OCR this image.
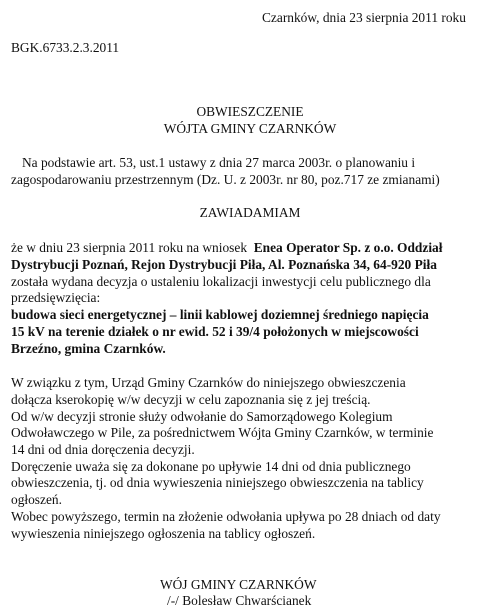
Czarnków, dnia 23 sierpnia 2011 roku
BGK.6733.2.3.2011
OBWIESZCZENIE
WÓJTA GMINY CZARNKÓW
Na podstawie art. 53, ust.1 ustawy z dnia 27 marca 2003r. o planowaniu i
zagospodarowaniu przestrzennym (Dz. U. z 2003r. nr 80, poz.717 ze zmianami)
ZAWIADAMIAM
że w dniu 23 sierpnia 2011 roku na wniosek Enea Operator Sp. z o.o. Oddział
Dystrybucji Poznań, Rejon Dystrybucji Piła, Al. Poznańska 34, 64-920 Piła
została wydana decyzja o ustaleniu lokalizacji inwestycji celu publicznego dla
przedsięwzięcia:
budowa sieci energetycznej – linii kablowej doziemnej średniego napięcia
15 kV na terenie działek o nr ewid. 52 i 39/4 położonych w miejscowości
Brzeźno, gmina Czarnków.
W związku z tym, Urząd Gminy Czarnków do niniejszego obwieszczenia
dołącza kserokopię w/w decyzji w celu zapoznania się z jej treścią.
Od w/w decyzji stronie służy odwołanie do Samorządowego Kolegium
Odwoławczego w Pile, za pośrednictwem Wójta Gminy Czarnków, w terminie
14 dni od dnia doręczenia decyzji.
Doręczenie uważa się za dokonane po upływie 14 dni od dnia publicznego
obwieszczenia, tj. od dnia wywieszenia niniejszego obwieszczenia na tablicy
ogłoszeń.
Wobec powyższego, termin na złożenie odwołania upływa po 28 dniach od daty
wywieszenia niniejszego ogłoszenia na tablicy ogłoszeń.
WÓJ GMINY CZARNKÓW
/-/ Bolesław Chwarścianek
